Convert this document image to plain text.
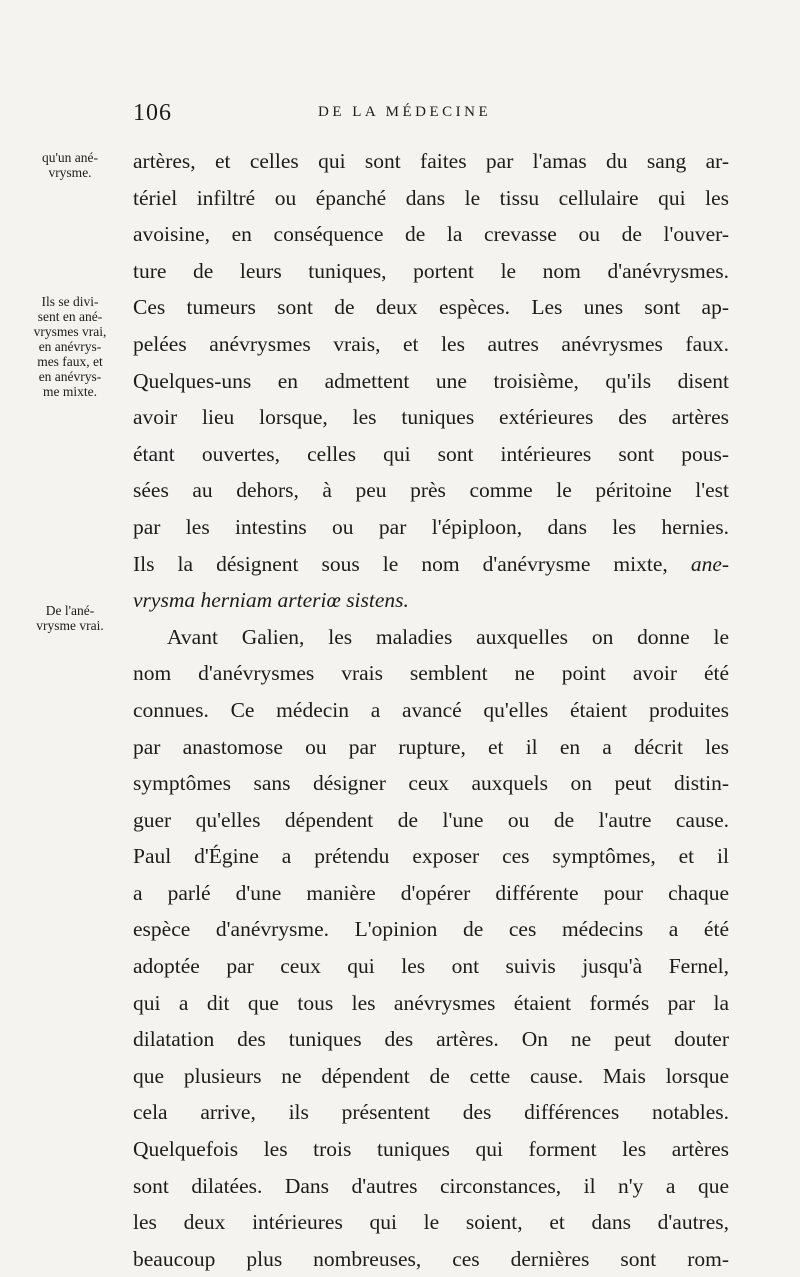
106	DE LA MÉDECINE
qu'un ané-
vrysme.
Ils se divi-
sent en ané-
vrysmes vrai,
en anévrys-
mes faux, et
en anévrys-
me mixte.
De l'ané-
vrysme vrai.
artères, et celles qui sont faites par l'amas du sang ar-
tériel infiltré ou épanché dans le tissu cellulaire qui les
avoisine, en conséquence de la crevasse ou de l'ouver-
ture de leurs tuniques, portent le nom d'anévrysmes.
Ces tumeurs sont de deux espèces. Les unes sont ap-
pelées anévrysmes vrais, et les autres anévrysmes faux.
Quelques-uns en admettent une troisième, qu'ils disent
avoir lieu lorsque, les tuniques extérieures des artères
étant ouvertes, celles qui sont intérieures sont pous-
sées au dehors, à peu près comme le péritoine l'est
par les intestins ou par l'épiploon, dans les hernies.
Ils la désignent sous le nom d'anévrysme mixte, ane-
vrysma herniam arteriœ sistens.
Avant Galien, les maladies auxquelles on donne le
nom d'anévrysmes vrais semblent ne point avoir été
connues. Ce médecin a avancé qu'elles étaient produites
par anastomose ou par rupture, et il en a décrit les
symptômes sans désigner ceux auxquels on peut distin-
guer qu'elles dépendent de l'une ou de l'autre cause.
Paul d'Égine a prétendu exposer ces symptômes, et il
a parlé d'une manière d'opérer différente pour chaque
espèce d'anévrysme. L'opinion de ces médecins a été
adoptée par ceux qui les ont suivis jusqu'à Fernel,
qui a dit que tous les anévrysmes étaient formés par la
dilatation des tuniques des artères. On ne peut douter
que plusieurs ne dépendent de cette cause. Mais lorsque
cela arrive, ils présentent des différences notables.
Quelquefois les trois tuniques qui forment les artères
sont dilatées. Dans d'autres circonstances, il n'y a que
les deux intérieures qui le soient, et dans d'autres,
beaucoup plus nombreuses, ces dernières sont rom-
